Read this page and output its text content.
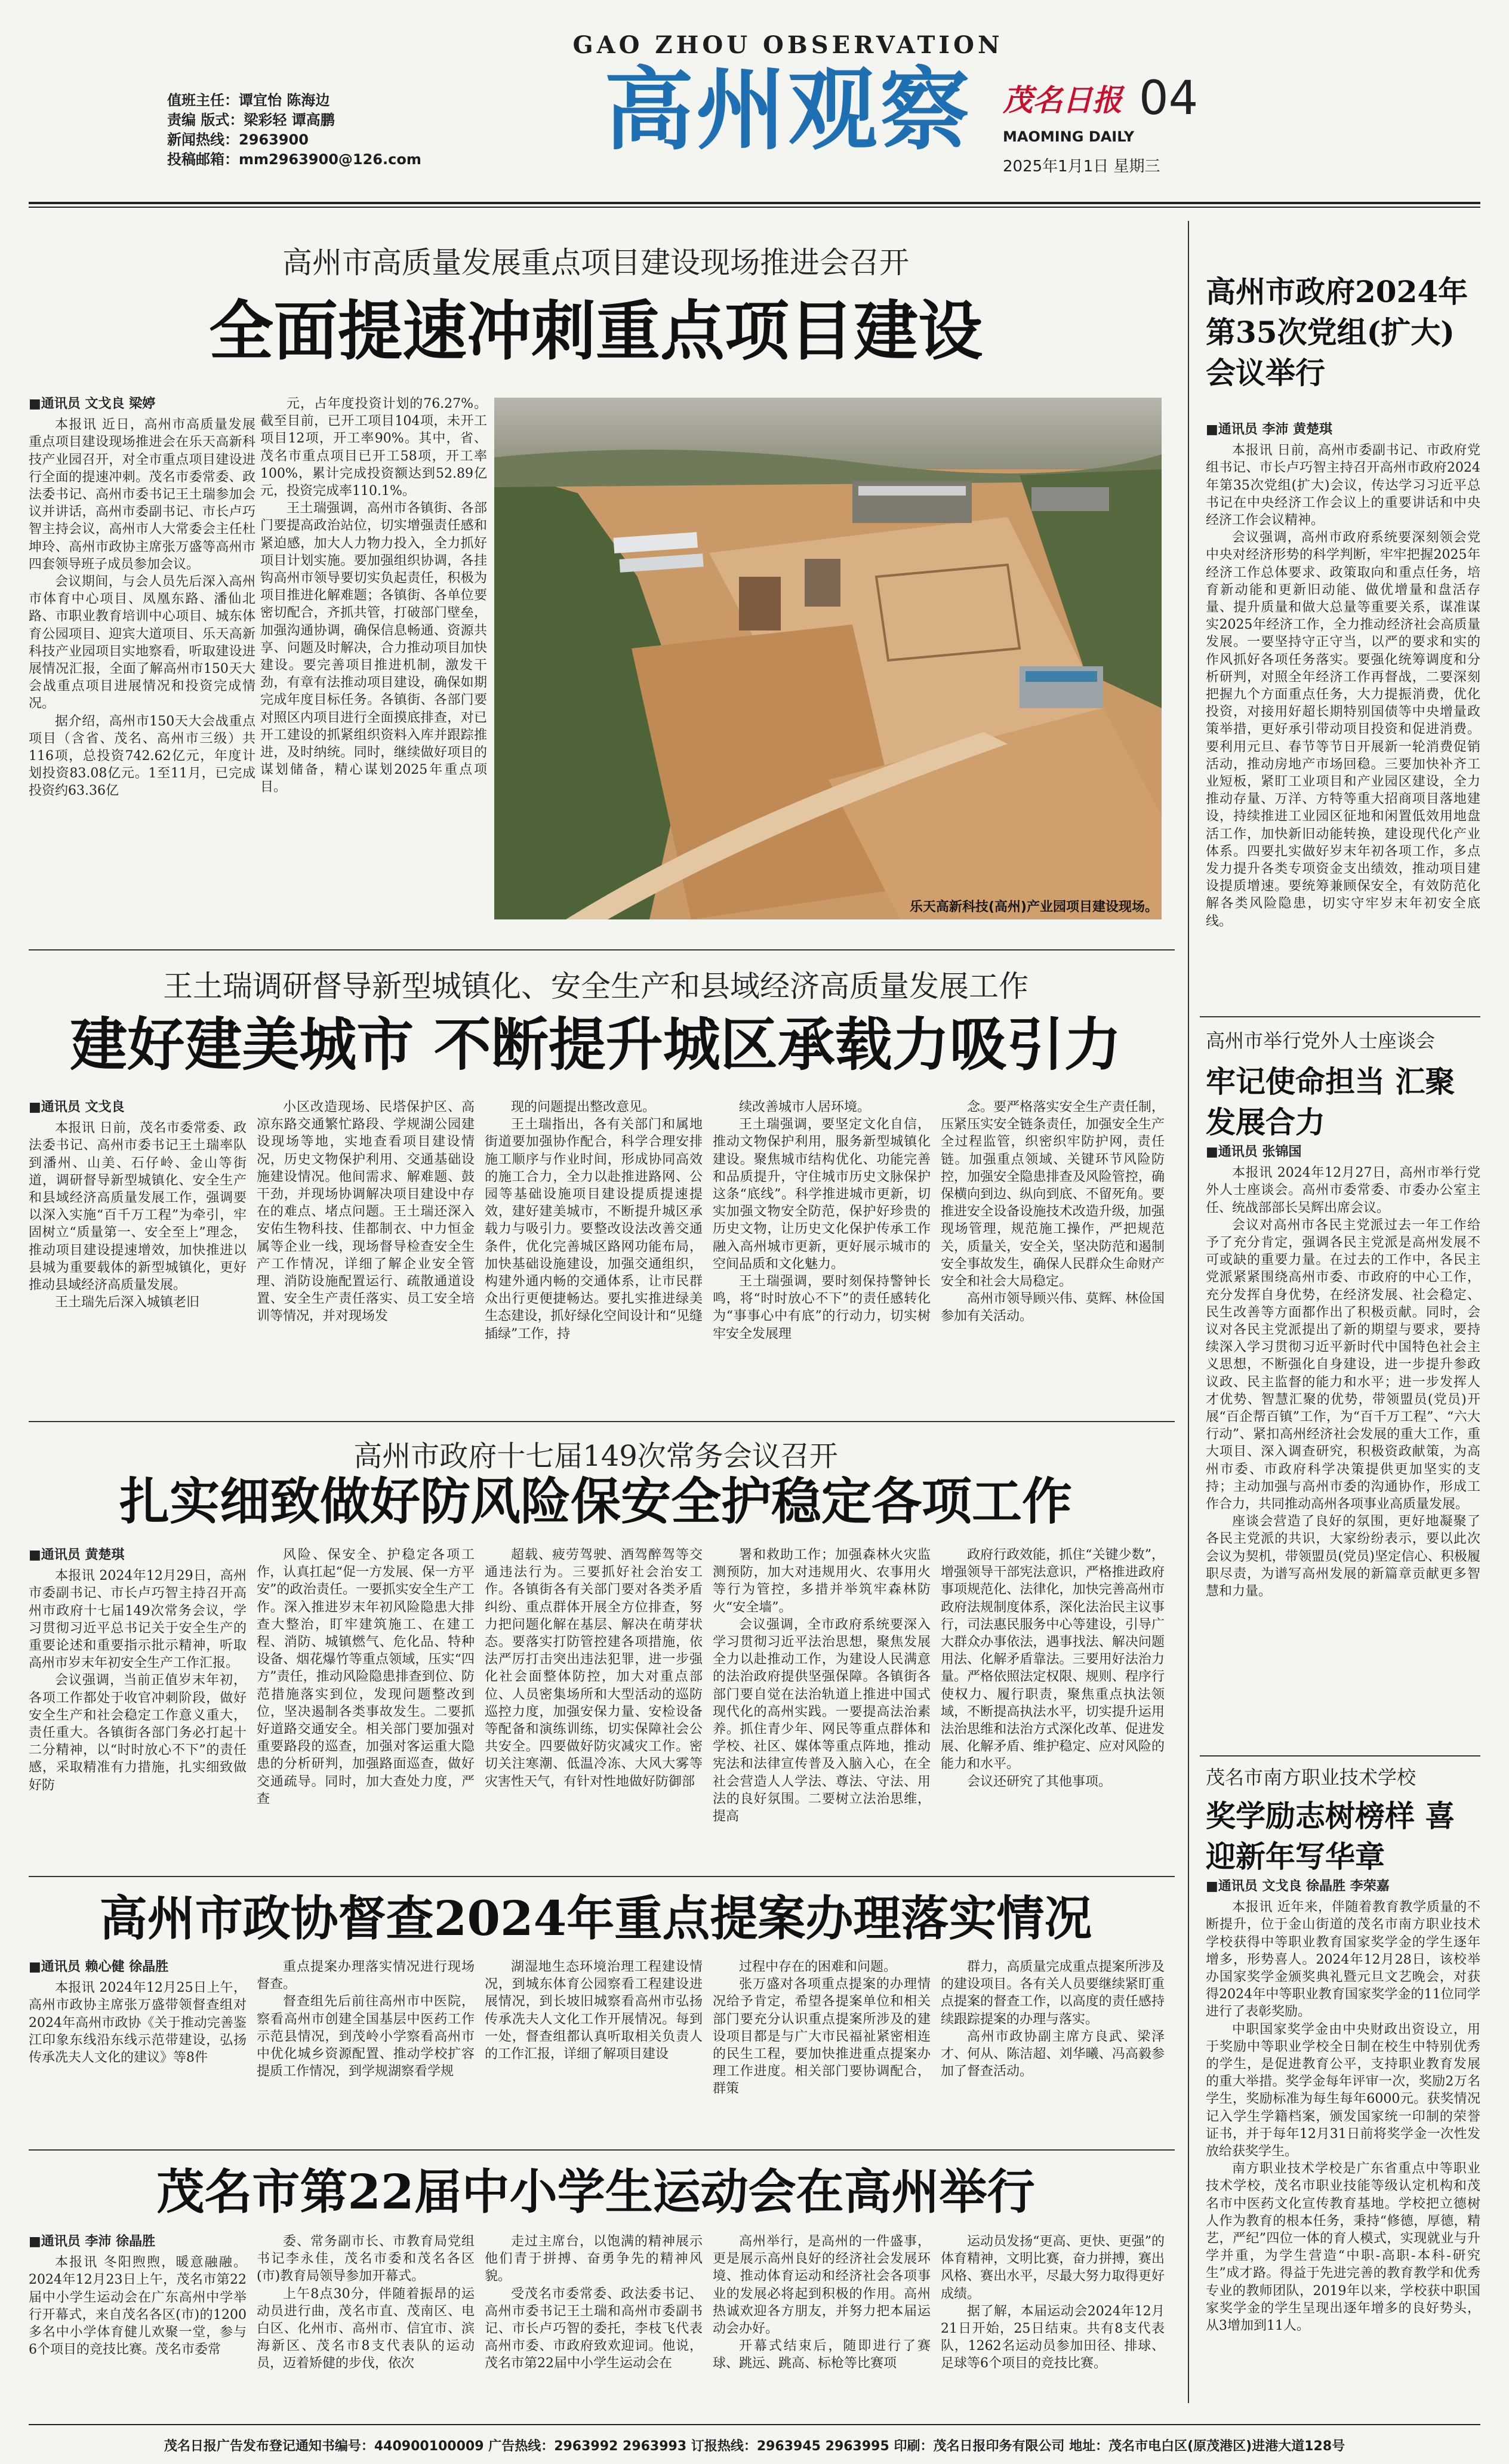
值班主任：谭宜怡 陈海边
责编 版式：梁彩轻 谭高鹏
新闻热线：2963900
投稿邮箱：mm2963900@126.com
GAO ZHOU OBSERVATION
高州观察	茂名日报 04
MAOMING DAILY
2025年1月1日 星期三
高州市高质量发展重点项目建设现场推进会召开
全面提速冲刺重点项目建设

■通讯员 文戈良 梁婷

本报讯 近日，高州市高质量发展重点项目建设现场推进会在乐天高新科技产业园召开，对全市重点项目建设进行全面的提速冲刺。茂名市委常委、政法委书记、高州市委书记王土瑞参加会议并讲话，高州市委副书记、市长卢巧智主持会议，高州市人大常委会主任杜坤玲、高州市政协主席张万盛等高州市四套领导班子成员参加会议。

会议期间，与会人员先后深入高州市体育中心项目、凤凰东路、潘仙北路、市职业教育培训中心项目、城东体育公园项目、迎宾大道项目、乐天高新科技产业园项目实地察看，听取建设进展情况汇报，全面了解高州市150天大会战重点项目进展情况和投资完成情况。

据介绍，高州市150天大会战重点项目（含省、茂名、高州市三级）共116项，总投资742.62亿元，年度计划投资83.08亿元。1至11月，已完成投资约63.36亿

元，占年度投资计划的76.27%。截至目前，已开工项目104项，未开工项目12项，开工率90%。其中，省、茂名市重点项目已开工58项，开工率100%，累计完成投资额达到52.89亿元，投资完成率110.1%。

王土瑞强调，高州市各镇街、各部门要提高政治站位，切实增强责任感和紧迫感，加大人力物力投入，全力抓好项目计划实施。要加强组织协调，各挂钩高州市领导要切实负起责任，积极为项目推进化解难题；各镇街、各单位要密切配合，齐抓共管，打破部门壁垒，加强沟通协调，确保信息畅通、资源共享、问题及时解决，合力推动项目加快建设。要完善项目推进机制，激发干劲，有章有法推动项目建设，确保如期完成年度目标任务。各镇街、各部门要对照区内项目进行全面摸底排查，对已开工建设的抓紧组织资料入库并跟踪推进，及时纳统。同时，继续做好项目的谋划储备，精心谋划2025年重点项目。

乐天高新科技(高州)产业园项目建设现场。
王土瑞调研督导新型城镇化、安全生产和县域经济高质量发展工作
建好建美城市 不断提升城区承载力吸引力

■通讯员 文戈良

本报讯 日前，茂名市委常委、政法委书记、高州市委书记王土瑞率队到潘州、山美、石仔岭、金山等街道，调研督导新型城镇化、安全生产和县域经济高质量发展工作，强调要以深入实施“百千万工程”为牵引，牢固树立“质量第一、安全至上”理念，推动项目建设提速增效，加快推进以县城为重要载体的新型城镇化，更好推动县域经济高质量发展。

王土瑞先后深入城镇老旧

小区改造现场、民塔保护区、高凉东路交通繁忙路段、学规湖公园建设现场等地，实地查看项目建设情况，历史文物保护利用、交通基础设施建设情况。他间需求、解难题、鼓干劲，并现场协调解决项目建设中存在的难点、堵点问题。王土瑞还深入安佑生物科技、佳都制衣、中力恒金属等企业一线，现场督导检查安全生产工作情况，详细了解企业安全管理、消防设施配置运行、疏散通道设置、安全生产责任落实、员工安全培训等情况，并对现场发

现的问题提出整改意见。

王土瑞指出，各有关部门和属地街道要加强协作配合，科学合理安排施工顺序与作业时间，形成协同高效的施工合力，全力以赴推进路网、公园等基础设施项目建设提质提速提效，建好建美城市，不断提升城区承载力与吸引力。要整改设法改善交通条件，优化完善城区路网功能布局，加快基础设施建设，加强交通组织，构建外通内畅的交通体系，让市民群众出行更便捷畅达。要扎实推进绿美生态建设，抓好绿化空间设计和“见缝插绿”工作，持

续改善城市人居环境。

王土瑞强调，要坚定文化自信，推动文物保护利用，服务新型城镇化建设。聚焦城市结构优化、功能完善和品质提升，守住城市历史文脉保护这条“底线”。科学推进城市更新，切实加强文物安全防范，保护好珍贵的历史文物，让历史文化保护传承工作融入高州城市更新，更好展示城市的空间品质和文化魅力。

王土瑞强调，要时刻保持警钟长鸣，将“时时放心不下”的责任感转化为“事事心中有底”的行动力，切实树牢安全发展理

念。要严格落实安全生产责任制，压紧压实安全链条责任，加强安全生产全过程监管，织密织牢防护网，责任链。加强重点领域、关键环节风险防控，加强安全隐患排查及风险管控，确保横向到边、纵向到底、不留死角。要推进安全设备设施技术改造升级，加强现场管理，规范施工操作，严把规范关，质量关，安全关，坚决防范和遏制安全事故发生，确保人民群众生命财产安全和社会大局稳定。

高州市领导顾兴伟、莫辉、林俭国参加有关活动。

高州市政府十七届149次常务会议召开
扎实细致做好防风险保安全护稳定各项工作

■通讯员 黄楚琪

本报讯 2024年12月29日，高州市委副书记、市长卢巧智主持召开高州市政府十七届149次常务会议，学习贯彻习近平总书记关于安全生产的重要论述和重要指示批示精神，听取高州市岁末年初安全生产工作汇报。

会议强调，当前正值岁末年初，各项工作都处于收官冲刺阶段，做好安全生产和社会稳定工作意义重大，责任重大。各镇街各部门务必打起十二分精神，以“时时放心不下”的责任感，采取精准有力措施，扎实细致做好防

风险、保安全、护稳定各项工作，认真扛起“促一方发展、保一方平安”的政治责任。一要抓实安全生产工作。深入推进岁末年初风险隐患大排查大整治，盯牢建筑施工、在建工程、消防、城镇燃气、危化品、特种设备、烟花爆竹等重点领域，压实“四方”责任，推动风险隐患排查到位、防范措施落实到位，发现问题整改到位，坚决遏制各类事故发生。二要抓好道路交通安全。相关部门要加强对重要路段的巡查，加强对客运重大隐患的分析研判，加强路面巡查，做好交通疏导。同时，加大查处力度，严查

超载、疲劳驾驶、酒驾醉驾等交通违法行为。三要抓好社会治安工作。各镇街各有关部门要对各类矛盾纠纷、重点群体开展全方位排查，努力把问题化解在基层、解决在萌芽状态。要落实打防管控建各项措施，依法严厉打击突出违法犯罪，进一步强化社会面整体防控，加大对重点部位、人员密集场所和大型活动的巡防巡控力度，加强安保力量、安检设备等配备和演练训练，切实保障社会公共安全。四要做好防灾减灾工作。密切关注寒潮、低温冷冻、大风大雾等灾害性天气，有针对性地做好防御部

署和救助工作；加强森林火灾监测预防，加大对违规用火、农事用火等行为管控，多措并举筑牢森林防火“安全墙”。

会议强调，全市政府系统要深入学习贯彻习近平法治思想，聚焦发展全力以赴推动工作，为建设人民满意的法治政府提供坚强保障。各镇街各部门要自觉在法治轨道上推进中国式现代化的高州实践。一要提高法治素养。抓住青少年、网民等重点群体和学校、社区、媒体等重点阵地，推动宪法和法律宣传普及入脑入心，在全社会营造人人学法、尊法、守法、用法的良好氛围。二要树立法治思维，提高

政府行政效能，抓住“关键少数”，增强领导干部宪法意识，严格推进政府事项规范化、法律化，加快完善高州市政府法规制度体系，深化法治民主议事行，司法惠民服务中心等建设，引导广大群众办事依法，遇事找法、解决问题用法、化解矛盾靠法。三要用好法治力量。严格依照法定权限、规则、程序行使权力、履行职责，聚焦重点执法领域，不断提高执法水平，切实提升运用法治思维和法治方式深化改革、促进发展、化解矛盾、维护稳定、应对风险的能力和水平。

会议还研究了其他事项。

高州市政协督查2024年重点提案办理落实情况

■通讯员 赖心健 徐晶胜

本报讯 2024年12月25日上午，高州市政协主席张万盛带领督查组对2024年高州市政协《关于推动完善鉴江印象东线沿东线示范带建设，弘扬传承冼夫人文化的建议》等8件

重点提案办理落实情况进行现场督查。

督查组先后前往高州市中医院，察看高州市创建全国基层中医药工作示范县情况，到茂岭小学察看高州市中优化城乡资源配置、推动学校扩容提质工作情况，到学规湖察看学规

湖湿地生态环境治理工程建设情况，到城东体育公园察看工程建设进展情况，到长坡旧城察看高州市弘扬传承冼夫人文化工作开展情况。每到一处，督查组都认真听取相关负责人的工作汇报，详细了解项目建设

过程中存在的困难和问题。

张万盛对各项重点提案的办理情况给予肯定，希望各提案单位和相关部门要充分认识重点提案所涉及的建设项目都是与广大市民福祉紧密相连的民生工程，要加快推进重点提案办理工作进度。相关部门要协调配合，群策

群力，高质量完成重点提案所涉及的建设项目。各有关人员要继续紧盯重点提案的督查工作，以高度的责任感持续跟踪提案的办理与落实。

高州市政协副主席方良武、梁泽才、何从、陈洁超、刘华曦、冯高毅参加了督查活动。

茂名市第22届中小学生运动会在高州举行

■通讯员 李沛 徐晶胜

本报讯 冬阳煦煦，暖意融融。2024年12月23日上午，茂名市第22届中小学生运动会在广东高州中学举行开幕式，来自茂名各区(市)的1200多名中小学体育健儿欢聚一堂，参与6个项目的竞技比赛。茂名市委常

委、常务副市长、市教育局党组书记李永佳，茂名市委和茂名各区(市)教育局领导参加开幕式。

上午8点30分，伴随着振昂的运动员进行曲，茂名市直、茂南区、电白区、化州市、高州市、信宜市、滨海新区、茂名市8支代表队的运动员，迈着矫健的步伐，依次

走过主席台，以饱满的精神展示他们青于拼搏、奋勇争先的精神风貌。

受茂名市委常委、政法委书记、高州市委书记王土瑞和高州市委副书记、市长卢巧智的委托，李枝飞代表高州市委、市政府致欢迎词。他说，茂名市第22届中小学生运动会在

高州举行，是高州的一件盛事，更是展示高州良好的经济社会发展环境、推动体育运动和经济社会各项事业的发展必将起到积极的作用。高州热诚欢迎各方朋友，并努力把本届运动会办好。

开幕式结束后，随即进行了赛球、跳远、跳高、标枪等比赛项

运动员发扬“更高、更快、更强”的体育精神，文明比赛，奋力拼搏，赛出风格、赛出水平，尽最大努力取得更好成绩。

据了解，本届运动会2024年12月21日开始，25日结束。共有8支代表队，1262名运动员参加田径、排球、足球等6个项目的竞技比赛。

高州市政府2024年第35次党组(扩大)会议举行

■通讯员 李沛 黄楚琪

本报讯 日前，高州市委副书记、市政府党组书记、市长卢巧智主持召开高州市政府2024年第35次党组(扩大)会议，传达学习习近平总书记在中央经济工作会议上的重要讲话和中央经济工作会议精神。

会议强调，高州市政府系统要深刻领会党中央对经济形势的科学判断，牢牢把握2025年经济工作总体要求、政策取向和重点任务，培育新动能和更新旧动能、做优增量和盘活存量、提升质量和做大总量等重要关系，谋准谋实2025年经济工作，全力推动经济社会高质量发展。一要坚持守正守当，以严的要求和实的作风抓好各项任务落实。要强化统筹调度和分析研判，对照全年经济工作再督战，二要深刻把握九个方面重点任务，大力提振消费，优化投资，对接用好超长期特别国债等中央增量政策举措，更好承引带动项目投资和促进消费。要利用元旦、春节等节日开展新一轮消费促销活动，推动房地产市场回稳。三要加快补齐工业短板，紧盯工业项目和产业园区建设，全力推动存量、万洋、方特等重大招商项目落地建设，持续推进工业园区征地和闲置低效用地盘活工作，加快新旧动能转换，建设现代化产业体系。四要扎实做好岁末年初各项工作，多点发力提升各类专项资金支出绩效，推动项目建设提质增速。要统筹兼顾保安全，有效防范化解各类风险隐患，切实守牢岁末年初安全底线。

高州市举行党外人士座谈会
牢记使命担当 汇聚发展合力

■通讯员 张锦国

本报讯 2024年12月27日，高州市举行党外人士座谈会。高州市委常委、市委办公室主任、统战部部长吴辉出席会议。

会议对高州市各民主党派过去一年工作给予了充分肯定，强调各民主党派是高州发展不可或缺的重要力量。在过去的工作中，各民主党派紧紧围绕高州市委、市政府的中心工作，充分发挥自身优势，在经济发展、社会稳定、民生改善等方面都作出了积极贡献。同时，会议对各民主党派提出了新的期望与要求，要持续深入学习贯彻习近平新时代中国特色社会主义思想，不断强化自身建设，进一步提升参政议政、民主监督的能力和水平；进一步发挥人才优势、智慧汇聚的优势，带领盟员(党员)开展“百企帮百镇”工作，为“百千万工程”、“六大行动”、紧扣高州经济社会发展的重大工作，重大项目、深入调查研究，积极资政献策，为高州市委、市政府科学决策提供更加坚实的支持；主动加强与高州市委的沟通协作，形成工作合力，共同推动高州各项事业高质量发展。

座谈会营造了良好的氛围，更好地凝聚了各民主党派的共识，大家纷纷表示，要以此次会议为契机，带领盟员(党员)坚定信心、积极履职尽责，为谱写高州发展的新篇章贡献更多智慧和力量。

茂名市南方职业技术学校
奖学励志树榜样 喜迎新年写华章

■通讯员 文戈良 徐晶胜 李荣嘉

本报讯 近年来，伴随着教育教学质量的不断提升，位于金山街道的茂名市南方职业技术学校获得中等职业教育国家奖学金的学生逐年增多，形势喜人。2024年12月28日，该校举办国家奖学金颁奖典礼暨元旦文艺晚会，对获得2024年中等职业教育国家奖学金的11位同学进行了表彰奖励。

中职国家奖学金由中央财政出资设立，用于奖励中等职业学校全日制在校生中特别优秀的学生，是促进教育公平，支持职业教育发展的重大举措。奖学金每年评审一次，奖励2万名学生，奖励标准为每生每年6000元。获奖情况记入学生学籍档案，颁发国家统一印制的荣誉证书，并于每年12月31日前将奖学金一次性发放给获奖学生。

南方职业技术学校是广东省重点中等职业技术学校，茂名市职业技能等级认定机构和茂名市中医药文化宣传教育基地。学校把立德树人作为教育的根本任务，秉持“修德，厚德，精艺，严纪”四位一体的育人模式，实现就业与升学并重，为学生营造“中职-高职-本科-研究生”成才路。得益于先进完善的教育教学和优秀专业的教师团队，2019年以来，学校获中职国家奖学金的学生呈现出逐年增多的良好势头，从3增加到11人。

茂名日报广告发布登记通知书编号：440900100009 广告热线：2963992 2963993 订报热线：2963945 2963995 印刷：茂名日报印务有限公司 地址：茂名市电白区(原茂港区)进港大道128号
